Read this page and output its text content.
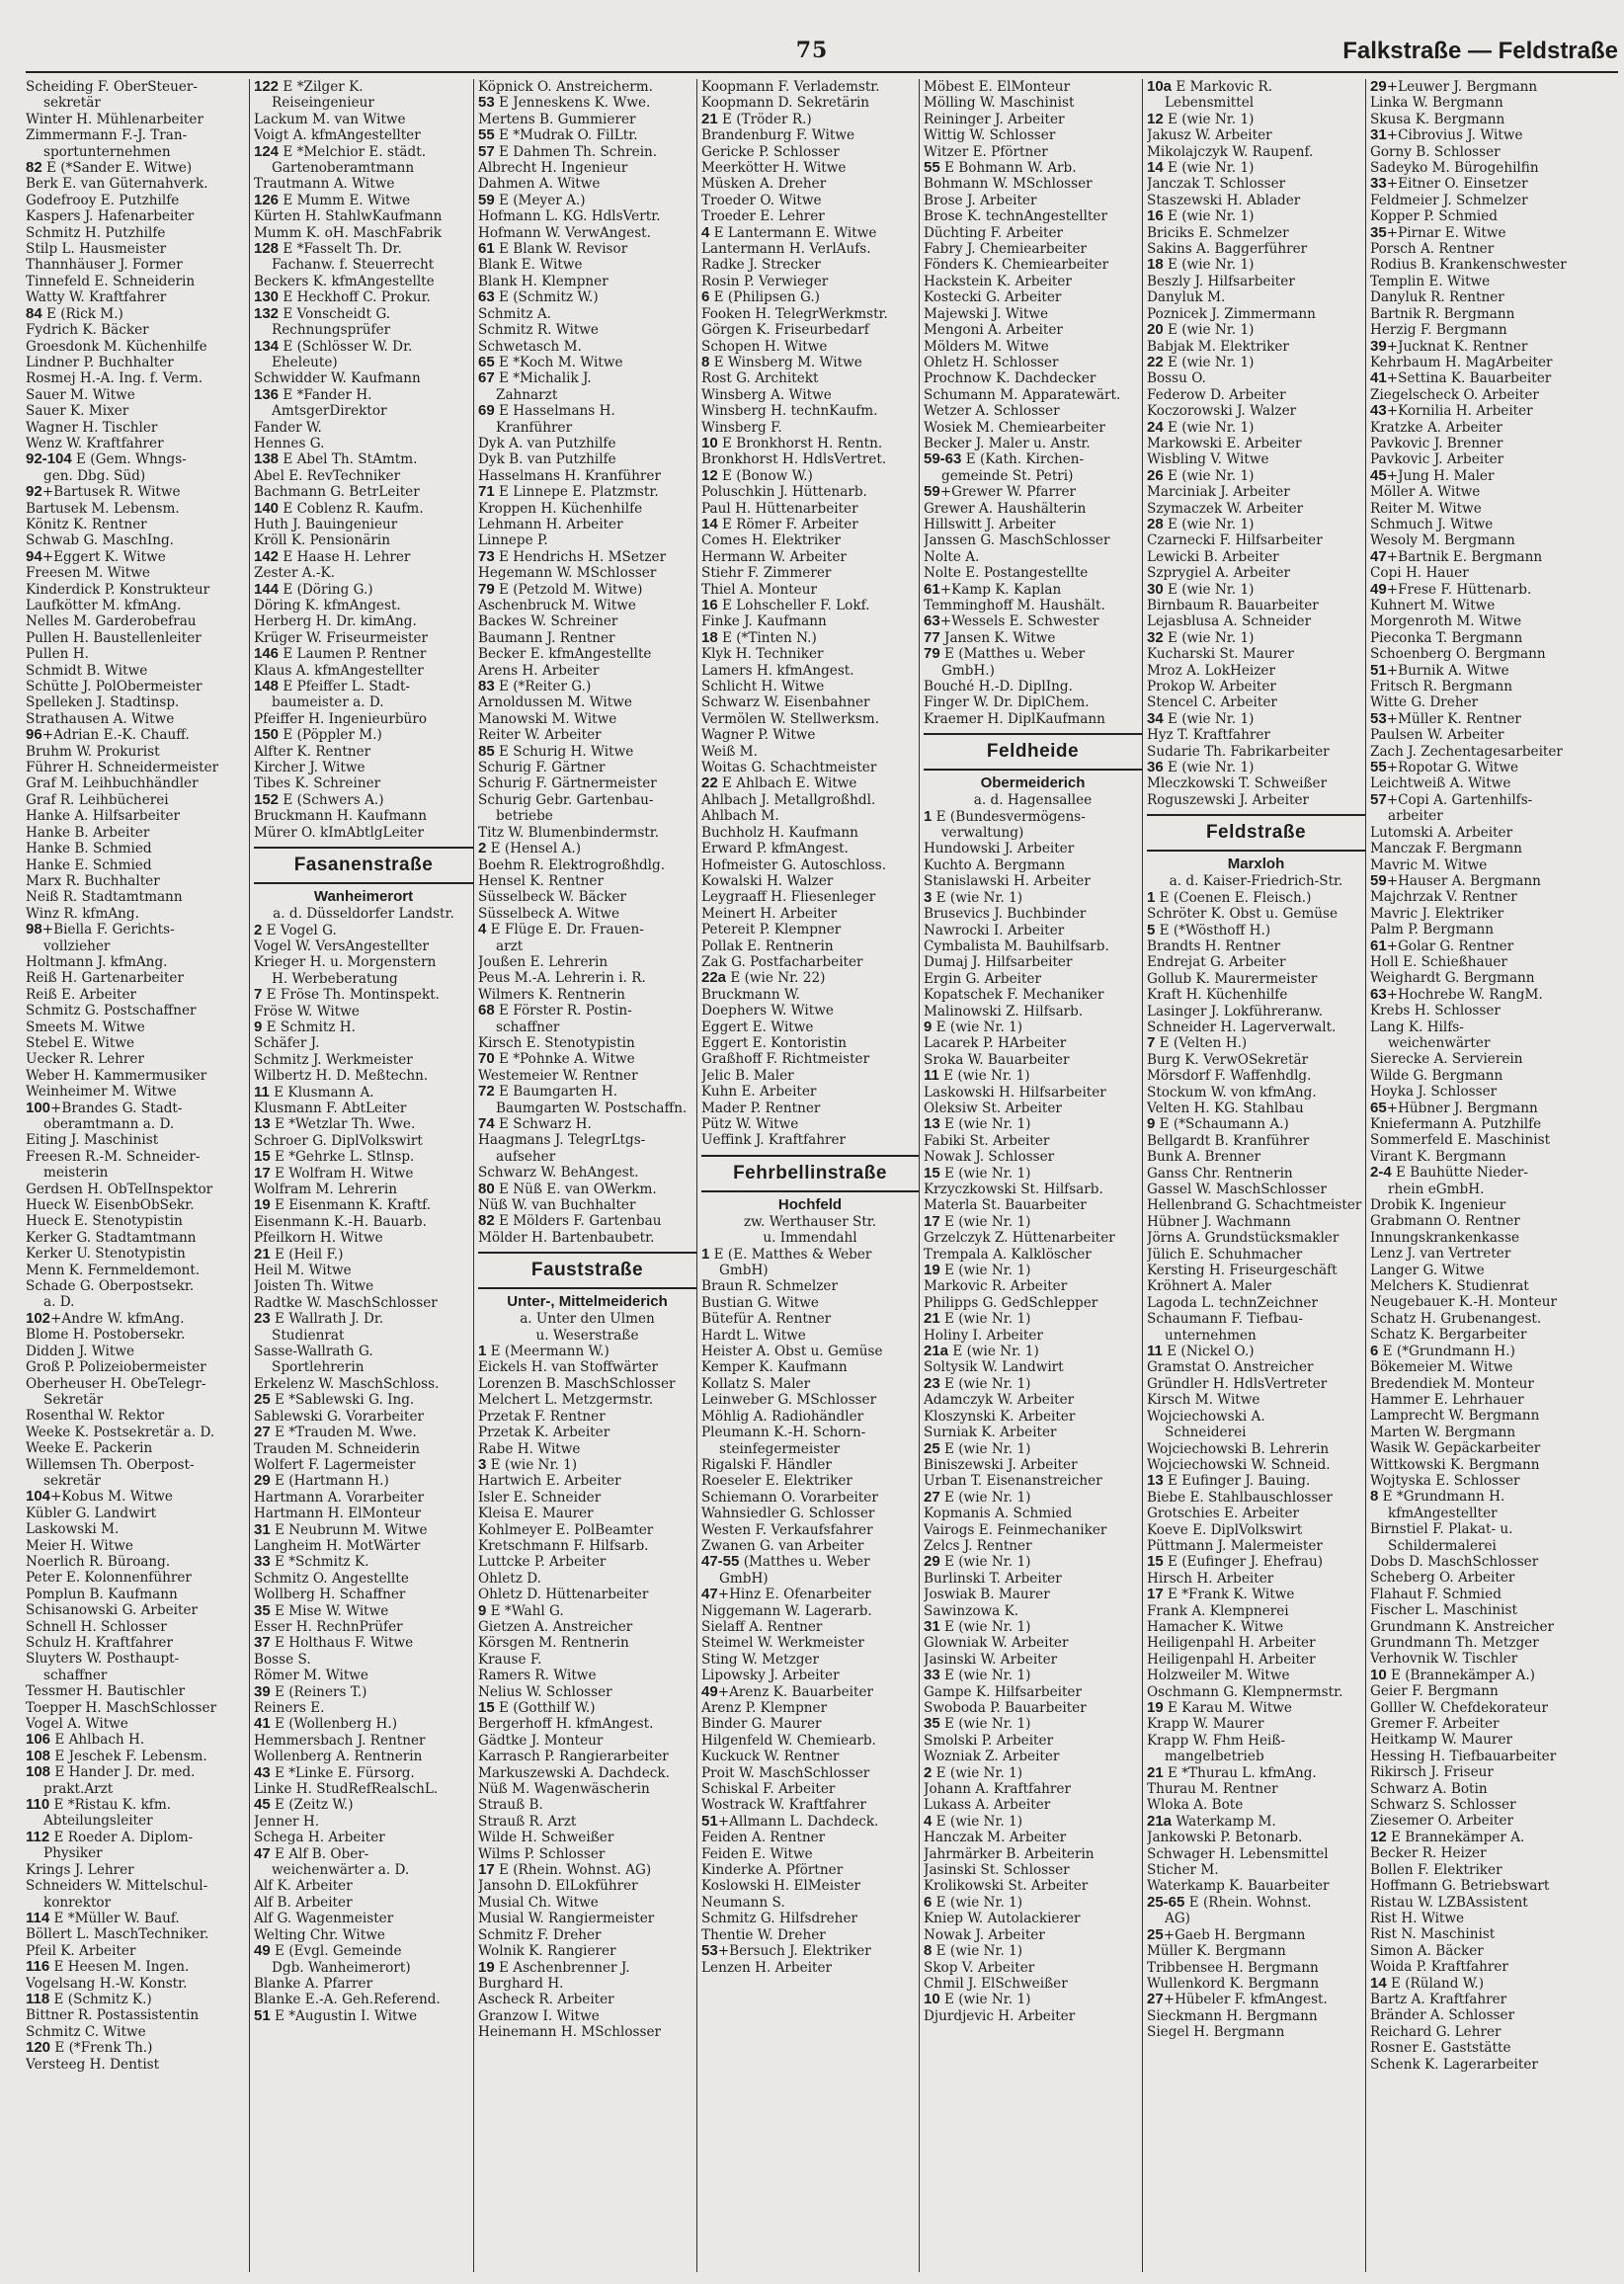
75	Falkstraße — Feldstraße
Scheiding F. OberSteuer-
sekretär
Winter H. Mühlenarbeiter
Zimmermann F.-J. Tran-
sportunternehmen
82 E (*Sander E. Witwe)
Berk E. van Güternahverk.
Godefrooy E. Putzhilfe
Kaspers J. Hafenarbeiter
Schmitz H. Putzhilfe
Stilp L. Hausmeister
Thannhäuser J. Former
Tinnefeld E. Schneiderin
Watty W. Kraftfahrer
84 E (Rick M.)
Fydrich K. Bäcker
Groesdonk M. Küchenhilfe
Lindner P. Buchhalter
Rosmej H.-A. Ing. f. Verm.
Sauer M. Witwe
Sauer K. Mixer
Wagner H. Tischler
Wenz W. Kraftfahrer
92-104 E (Gem. Whngs-
gen. Dbg. Süd)
92+Bartusek R. Witwe
Bartusek M. Lebensm.
Könitz K. Rentner
Schwab G. MaschIng.
94+Eggert K. Witwe
Freesen M. Witwe
Kinderdick P. Konstrukteur
Laufkötter M. kfmAng.
Nelles M. Garderobefrau
Pullen H. Baustellenleiter
Pullen H.
Schmidt B. Witwe
Schütte J. PolObermeister
Spelleken J. Stadtinsp.
Strathausen A. Witwe
96+Adrian E.-K. Chauff.
Bruhm W. Prokurist
Führer H. Schneidermeister
Graf M. Leihbuchhändler
Graf R. Leihbücherei
Hanke A. Hilfsarbeiter
Hanke B. Arbeiter
Hanke B. Schmied
Hanke E. Schmied
Marx R. Buchhalter
Neiß R. Stadtamtmann
Winz R. kfmAng.
98+Biella F. Gerichts-
vollzieher
Holtmann J. kfmAng.
Reiß H. Gartenarbeiter
Reiß E. Arbeiter
Schmitz G. Postschaffner
Smeets M. Witwe
Stebel E. Witwe
Uecker R. Lehrer
Weber H. Kammermusiker
Weinheimer M. Witwe
100+Brandes G. Stadt-
oberamtmann a. D.
Eiting J. Maschinist
Freesen R.-M. Schneider-
meisterin
Gerdsen H. ObTelInspektor
Hueck W. EisenbObSekr.
Hueck E. Stenotypistin
Kerker G. Stadtamtmann
Kerker U. Stenotypistin
Menn K. Fernmeldemont.
Schade G. Oberpostsekr.
a. D.
102+Andre W. kfmAng.
Blome H. Postobersekr.
Didden J. Witwe
Groß P. Polizeiobermeister
Oberheuser H. ObeTelegr-
Sekretär
Rosenthal W. Rektor
Weeke K. Postsekretär a. D.
Weeke E. Packerin
Willemsen Th. Oberpost-
sekretär
104+Kobus M. Witwe
Kübler G. Landwirt
Laskowski M.
Meier H. Witwe
Noerlich R. Büroang.
Peter E. Kolonnenführer
Pomplun B. Kaufmann
Schisanowski G. Arbeiter
Schnell H. Schlosser
Schulz H. Kraftfahrer
Sluyters W. Posthaupt-
schaffner
Tessmer H. Bautischler
Toepper H. MaschSchlosser
Vogel A. Witwe
106 E Ahlbach H.
108 E Jeschek F. Lebensm.
108 E Hander J. Dr. med.
prakt.Arzt
110 E *Ristau K. kfm.
Abteilungsleiter
112 E Roeder A. Diplom-
Physiker
Krings J. Lehrer
Schneiders W. Mittelschul-
konrektor
114 E *Müller W. Bauf.
Böllert L. MaschTechniker.
Pfeil K. Arbeiter
116 E Heesen M. Ingen.
Vogelsang H.-W. Konstr.
118 E (Schmitz K.)
Bittner R. Postassistentin
Schmitz C. Witwe
120 E (*Frenk Th.)
Versteeg H. Dentist
122 E *Zilger K.
Reiseingenieur
Lackum M. van Witwe
Voigt A. kfmAngestellter
124 E *Melchior E. städt.
Gartenoberamtmann
Trautmann A. Witwe
126 E Mumm E. Witwe
Kürten H. StahlwKaufmann
Mumm K. oH. MaschFabrik
128 E *Fasselt Th. Dr.
Fachanw. f. Steuerrecht
Beckers K. kfmAngestellte
130 E Heckhoff C. Prokur.
132 E Vonscheidt G.
Rechnungsprüfer
134 E (Schlösser W. Dr.
Eheleute)
Schwidder W. Kaufmann
136 E *Fander H.
AmtsgerDirektor
Fander W.
Hennes G.
138 E Abel Th. StAmtm.
Abel E. RevTechniker
Bachmann G. BetrLeiter
140 E Coblenz R. Kaufm.
Huth J. Bauingenieur
Kröll K. Pensionärin
142 E Haase H. Lehrer
Zester A.-K.
144 E (Döring G.)
Döring K. kfmAngest.
Herberg H. Dr. kimAng.
Krüger W. Friseurmeister
146 E Laumen P. Rentner
Klaus A. kfmAngestellter
148 E Pfeiffer L. Stadt-
baumeister a. D.
Pfeiffer H. Ingenieurbüro
150 E (Pöppler M.)
Alfter K. Rentner
Kircher J. Witwe
Tibes K. Schreiner
152 E (Schwers A.)
Bruckmann H. Kaufmann
Mürer O. kImAbtlgLeiter
Fasanenstraße
Wanheimerort
a. d. Düsseldorfer Landstr.
2 E Vogel G.
Vogel W. VersAngestellter
Krieger H. u. Morgenstern
H. Werbeberatung
7 E Fröse Th. Montinspekt.
Fröse W. Witwe
9 E Schmitz H.
Schäfer J.
Schmitz J. Werkmeister
Wilbertz H. D. Meßtechn.
11 E Klusmann A.
Klusmann F. AbtLeiter
13 E *Wetzlar Th. Wwe.
Schroer G. DiplVolkswirt
15 E *Gehrke L. Stlnsp.
17 E Wolfram H. Witwe
Wolfram M. Lehrerin
19 E Eisenmann K. Kraftf.
Eisenmann K.-H. Bauarb.
Pfeilkorn H. Witwe
21 E (Heil F.)
Heil M. Witwe
Joisten Th. Witwe
Radtke W. MaschSchlosser
23 E Wallrath J. Dr.
Studienrat
Sasse-Wallrath G.
Sportlehrerin
Erkelenz W. MaschSchloss.
25 E *Sablewski G. Ing.
Sablewski G. Vorarbeiter
27 E *Trauden M. Wwe.
Trauden M. Schneiderin
Wolfert F. Lagermeister
29 E (Hartmann H.)
Hartmann A. Vorarbeiter
Hartmann H. ElMonteur
31 E Neubrunn M. Witwe
Langheim H. MotWärter
33 E *Schmitz K.
Schmitz O. Angestellte
Wollberg H. Schaffner
35 E Mise W. Witwe
Esser H. RechnPrüfer
37 E Holthaus F. Witwe
Bosse S.
Römer M. Witwe
39 E (Reiners T.)
Reiners E.
41 E (Wollenberg H.)
Hemmersbach J. Rentner
Wollenberg A. Rentnerin
43 E *Linke E. Fürsorg.
Linke H. StudRefRealschL.
45 E (Zeitz W.)
Jenner H.
Schega H. Arbeiter
47 E Alf B. Ober-
weichenwärter a. D.
Alf K. Arbeiter
Alf B. Arbeiter
Alf G. Wagenmeister
Welting Chr. Witwe
49 E (Evgl. Gemeinde
Dgb. Wanheimerort)
Blanke A. Pfarrer
Blanke E.-A. Geh.Referend.
51 E *Augustin I. Witwe
Köpnick O. Anstreicherm.
53 E Jenneskens K. Wwe.
Mertens B. Gummierer
55 E *Mudrak O. FilLtr.
57 E Dahmen Th. Schrein.
Albrecht H. Ingenieur
Dahmen A. Witwe
59 E (Meyer A.)
Hofmann L. KG. HdlsVertr.
Hofmann W. VerwAngest.
61 E Blank W. Revisor
Blank E. Witwe
Blank H. Klempner
63 E (Schmitz W.)
Schmitz A.
Schmitz R. Witwe
Schwetasch M.
65 E *Koch M. Witwe
67 E *Michalik J.
Zahnarzt
69 E Hasselmans H.
Kranführer
Dyk A. van Putzhilfe
Dyk B. van Putzhilfe
Hasselmans H. Kranführer
71 E Linnepe E. Platzmstr.
Kroppen H. Küchenhilfe
Lehmann H. Arbeiter
Linnepe P.
73 E Hendrichs H. MSetzer
Hegemann W. MSchlosser
79 E (Petzold M. Witwe)
Aschenbruck M. Witwe
Backes W. Schreiner
Baumann J. Rentner
Becker E. kfmAngestellte
Arens H. Arbeiter
83 E (*Reiter G.)
Arnoldussen M. Witwe
Manowski M. Witwe
Reiter W. Arbeiter
85 E Schurig H. Witwe
Schurig F. Gärtner
Schurig F. Gärtnermeister
Schurig Gebr. Gartenbau-
betriebe
Titz W. Blumenbindermstr.
2 E (Hensel A.)
Boehm R. Elektrogroßhdlg.
Hensel K. Rentner
Süsselbeck W. Bäcker
Süsselbeck A. Witwe
4 E Flüge E. Dr. Frauen-
arzt
Joußen E. Lehrerin
Peus M.-A. Lehrerin i. R.
Wilmers K. Rentnerin
68 E Förster R. Postin-
schaffner
Kirsch E. Stenotypistin
70 E *Pohnke A. Witwe
Westemeier W. Rentner
72 E Baumgarten H.
Baumgarten W. Postschaffn.
74 E Schwarz H.
Haagmans J. TelegrLtgs-
aufseher
Schwarz W. BehAngest.
80 E Nüß E. van OWerkm.
Nüß W. van Buchhalter
82 E Mölders F. Gartenbau
Mölder H. Bartenbaubetr.
Fauststraße
Unter-, Mittelmeiderich
a. Unter den Ulmen
u. Weserstraße
1 E (Meermann W.)
Eickels H. van Stoffwärter
Lorenzen B. MaschSchlosser
Melchert L. Metzgermstr.
Przetak F. Rentner
Przetak K. Arbeiter
Rabe H. Witwe
3 E (wie Nr. 1)
Hartwich E. Arbeiter
Isler E. Schneider
Kleisa E. Maurer
Kohlmeyer E. PolBeamter
Kretschmann F. Hilfsarb.
Luttcke P. Arbeiter
Ohletz D.
Ohletz D. Hüttenarbeiter
9 E *Wahl G.
Gietzen A. Anstreicher
Körsgen M. Rentnerin
Krause F.
Ramers R. Witwe
Nelius W. Schlosser
15 E (Gotthilf W.)
Bergerhoff H. kfmAngest.
Gädtke J. Monteur
Karrasch P. Rangierarbeiter
Markuszewski A. Dachdeck.
Nüß M. Wagenwäscherin
Strauß B.
Strauß R. Arzt
Wilde H. Schweißer
Wilms P. Schlosser
17 E (Rhein. Wohnst. AG)
Jansohn D. ElLokführer
Musial Ch. Witwe
Musial W. Rangiermeister
Schmitz F. Dreher
Wolnik K. Rangierer
19 E Aschenbrenner J.
Burghard H.
Ascheck R. Arbeiter
Granzow I. Witwe
Heinemann H. MSchlosser
Koopmann F. Verlademstr.
Koopmann D. Sekretärin
21 E (Tröder R.)
Brandenburg F. Witwe
Gericke P. Schlosser
Meerkötter H. Witwe
Müsken A. Dreher
Troeder O. Witwe
Troeder E. Lehrer
4 E Lantermann E. Witwe
Lantermann H. VerlAufs.
Radke J. Strecker
Rosin P. Verwieger
6 E (Philipsen G.)
Fooken H. TelegrWerkmstr.
Görgen K. Friseurbedarf
Schopen H. Witwe
8 E Winsberg M. Witwe
Rost G. Architekt
Winsberg A. Witwe
Winsberg H. technKaufm.
Winsberg F.
10 E Bronkhorst H. Rentn.
Bronkhorst H. HdlsVertret.
12 E (Bonow W.)
Poluschkin J. Hüttenarb.
Paul H. Hüttenarbeiter
14 E Römer F. Arbeiter
Comes H. Elektriker
Hermann W. Arbeiter
Stiehr F. Zimmerer
Thiel A. Monteur
16 E Lohscheller F. Lokf.
Finke J. Kaufmann
18 E (*Tinten N.)
Klyk H. Techniker
Lamers H. kfmAngest.
Schlicht H. Witwe
Schwarz W. Eisenbahner
Vermölen W. Stellwerksm.
Wagner P. Witwe
Weiß M.
Woitas G. Schachtmeister
22 E Ahlbach E. Witwe
Ahlbach J. Metallgroßhdl.
Ahlbach M.
Buchholz H. Kaufmann
Erward P. kfmAngest.
Hofmeister G. Autoschloss.
Kowalski H. Walzer
Leygraaff H. Fliesenleger
Meinert H. Arbeiter
Petereit P. Klempner
Pollak E. Rentnerin
Zak G. Postfacharbeiter
22a E (wie Nr. 22)
Bruckmann W.
Doephers W. Witwe
Eggert E. Witwe
Eggert E. Kontoristin
Graßhoff F. Richtmeister
Jelic B. Maler
Kuhn E. Arbeiter
Mader P. Rentner
Pütz W. Witwe
Ueffink J. Kraftfahrer
Fehrbellinstraße
Hochfeld
zw. Werthauser Str.
u. Immendahl
1 E (E. Matthes & Weber
GmbH)
Braun R. Schmelzer
Bustian G. Witwe
Bütefür A. Rentner
Hardt L. Witwe
Heister A. Obst u. Gemüse
Kemper K. Kaufmann
Kollatz S. Maler
Leinweber G. MSchlosser
Möhlig A. Radiohändler
Pleumann K.-H. Schorn-
steinfegermeister
Rigalski F. Händler
Roeseler E. Elektriker
Schiemann O. Vorarbeiter
Wahnsiedler G. Schlosser
Westen F. Verkaufsfahrer
Zwanen G. van Arbeiter
47-55 (Matthes u. Weber
GmbH)
47+Hinz E. Ofenarbeiter
Niggemann W. Lagerarb.
Sielaff A. Rentner
Steimel W. Werkmeister
Sting W. Metzger
Lipowsky J. Arbeiter
49+Arenz K. Bauarbeiter
Arenz P. Klempner
Binder G. Maurer
Hilgenfeld W. Chemiearb.
Kuckuck W. Rentner
Proit W. MaschSchlosser
Schiskal F. Arbeiter
Wostrack W. Kraftfahrer
51+Allmann L. Dachdeck.
Feiden A. Rentner
Feiden E. Witwe
Kinderke A. Pförtner
Koslowski H. ElMeister
Neumann S.
Schmitz G. Hilfsdreher
Thentie W. Dreher
53+Bersuch J. Elektriker
Lenzen H. Arbeiter
Möbest E. ElMonteur
Mölling W. Maschinist
Reininger J. Arbeiter
Wittig W. Schlosser
Witzer E. Pförtner
55 E Bohmann W. Arb.
Bohmann W. MSchlosser
Brose J. Arbeiter
Brose K. technAngestellter
Düchting F. Arbeiter
Fabry J. Chemiearbeiter
Fönders K. Chemiearbeiter
Hackstein K. Arbeiter
Kostecki G. Arbeiter
Majewski J. Witwe
Mengoni A. Arbeiter
Mölders M. Witwe
Ohletz H. Schlosser
Prochnow K. Dachdecker
Schumann M. Apparatewärt.
Wetzer A. Schlosser
Wosiek M. Chemiearbeiter
Becker J. Maler u. Anstr.
59-63 E (Kath. Kirchen-
gemeinde St. Petri)
59+Grewer W. Pfarrer
Grewer A. Haushälterin
Hillswitt J. Arbeiter
Janssen G. MaschSchlosser
Nolte A.
Nolte E. Postangestellte
61+Kamp K. Kaplan
Temminghoff M. Haushält.
63+Wessels E. Schwester
77 Jansen K. Witwe
79 E (Matthes u. Weber
GmbH.)
Bouché H.-D. DiplIng.
Finger W. Dr. DiplChem.
Kraemer H. DiplKaufmann
Feldheide
Obermeiderich
a. d. Hagensallee
1 E (Bundesvermögens-
verwaltung)
Hundowski J. Arbeiter
Kuchto A. Bergmann
Stanislawski H. Arbeiter
3 E (wie Nr. 1)
Brusevics J. Buchbinder
Nawrocki I. Arbeiter
Cymbalista M. Bauhilfsarb.
Dumaj J. Hilfsarbeiter
Ergin G. Arbeiter
Kopatschek F. Mechaniker
Malinowski Z. Hilfsarb.
9 E (wie Nr. 1)
Lacarek P. HArbeiter
Sroka W. Bauarbeiter
11 E (wie Nr. 1)
Laskowski H. Hilfsarbeiter
Oleksiw St. Arbeiter
13 E (wie Nr. 1)
Fabiki St. Arbeiter
Nowak J. Schlosser
15 E (wie Nr. 1)
Krzyczkowski St. Hilfsarb.
Materla St. Bauarbeiter
17 E (wie Nr. 1)
Grzelczyk Z. Hüttenarbeiter
Trempala A. Kalklöscher
19 E (wie Nr. 1)
Markovic R. Arbeiter
Philipps G. GedSchlepper
21 E (wie Nr. 1)
Holiny I. Arbeiter
21a E (wie Nr. 1)
Soltysik W. Landwirt
23 E (wie Nr. 1)
Adamczyk W. Arbeiter
Kloszynski K. Arbeiter
Surniak K. Arbeiter
25 E (wie Nr. 1)
Biniszewski J. Arbeiter
Urban T. Eisenanstreicher
27 E (wie Nr. 1)
Kopmanis A. Schmied
Vairogs E. Feinmechaniker
Zelcs J. Rentner
29 E (wie Nr. 1)
Burlinski T. Arbeiter
Joswiak B. Maurer
Sawinzowa K.
31 E (wie Nr. 1)
Glowniak W. Arbeiter
Jasinski W. Arbeiter
33 E (wie Nr. 1)
Gampe K. Hilfsarbeiter
Swoboda P. Bauarbeiter
35 E (wie Nr. 1)
Smolski P. Arbeiter
Wozniak Z. Arbeiter
2 E (wie Nr. 1)
Johann A. Kraftfahrer
Lukass A. Arbeiter
4 E (wie Nr. 1)
Hanczak M. Arbeiter
Jahrmärker B. Arbeiterin
Jasinski St. Schlosser
Krolikowski St. Arbeiter
6 E (wie Nr. 1)
Kniep W. Autolackierer
Nowak J. Arbeiter
8 E (wie Nr. 1)
Skop V. Arbeiter
Chmil J. ElSchweißer
10 E (wie Nr. 1)
Djurdjevic H. Arbeiter
10a E Markovic R.
Lebensmittel
12 E (wie Nr. 1)
Jakusz W. Arbeiter
Mikolajczyk W. Raupenf.
14 E (wie Nr. 1)
Janczak T. Schlosser
Staszewski H. Ablader
16 E (wie Nr. 1)
Briciks E. Schmelzer
Sakins A. Baggerführer
18 E (wie Nr. 1)
Beszly J. Hilfsarbeiter
Danyluk M.
Poznicek J. Zimmermann
20 E (wie Nr. 1)
Babjak M. Elektriker
22 E (wie Nr. 1)
Bossu O.
Federow D. Arbeiter
Koczorowski J. Walzer
24 E (wie Nr. 1)
Markowski E. Arbeiter
Wisbling V. Witwe
26 E (wie Nr. 1)
Marciniak J. Arbeiter
Szymaczek W. Arbeiter
28 E (wie Nr. 1)
Czarnecki F. Hilfsarbeiter
Lewicki B. Arbeiter
Szprygiel A. Arbeiter
30 E (wie Nr. 1)
Birnbaum R. Bauarbeiter
Lejasblusa A. Schneider
32 E (wie Nr. 1)
Kucharski St. Maurer
Mroz A. LokHeizer
Prokop W. Arbeiter
Stencel C. Arbeiter
34 E (wie Nr. 1)
Hyz T. Kraftfahrer
Sudarie Th. Fabrikarbeiter
36 E (wie Nr. 1)
Mleczkowski T. Schweißer
Roguszewski J. Arbeiter
Feldstraße
Marxloh
a. d. Kaiser-Friedrich-Str.
1 E (Coenen E. Fleisch.)
Schröter K. Obst u. Gemüse
5 E (*Wösthoff H.)
Brandts H. Rentner
Endrejat G. Arbeiter
Gollub K. Maurermeister
Kraft H. Küchenhilfe
Lasinger J. Lokführeranw.
Schneider H. Lagerverwalt.
7 E (Velten H.)
Burg K. VerwOSekretär
Mörsdorf F. Waffenhdlg.
Stockum W. von kfmAng.
Velten H. KG. Stahlbau
9 E (*Schaumann A.)
Bellgardt B. Kranführer
Bunk A. Brenner
Ganss Chr. Rentnerin
Gassel W. MaschSchlosser
Hellenbrand G. Schachtmeister
Hübner J. Wachmann
Jörns A. Grundstücksmakler
Jülich E. Schuhmacher
Kersting H. Friseurgeschäft
Kröhnert A. Maler
Lagoda L. technZeichner
Schaumann F. Tiefbau-
unternehmen
11 E (Nickel O.)
Gramstat O. Anstreicher
Gründler H. HdlsVertreter
Kirsch M. Witwe
Wojciechowski A.
Schneiderei
Wojciechowski B. Lehrerin
Wojciechowski W. Schneid.
13 E Eufinger J. Bauing.
Biebe E. Stahlbauschlosser
Grotschies E. Arbeiter
Koeve E. DiplVolkswirt
Püttmann J. Malermeister
15 E (Eufinger J. Ehefrau)
Hirsch H. Arbeiter
17 E *Frank K. Witwe
Frank A. Klempnerei
Hamacher K. Witwe
Heiligenpahl H. Arbeiter
Heiligenpahl H. Arbeiter
Holzweiler M. Witwe
Oschmann G. Klempnermstr.
19 E Karau M. Witwe
Krapp W. Maurer
Krapp W. Fhm Heiß-
mangelbetrieb
21 E *Thurau L. kfmAng.
Thurau M. Rentner
Wloka A. Bote
21a Waterkamp M.
Jankowski P. Betonarb.
Schwager H. Lebensmittel
Sticher M.
Waterkamp K. Bauarbeiter
25-65 E (Rhein. Wohnst.
AG)
25+Gaeb H. Bergmann
Müller K. Bergmann
Tribbensee H. Bergmann
Wullenkord K. Bergmann
27+Hübeler F. kfmAngest.
Sieckmann H. Bergmann
Siegel H. Bergmann
29+Leuwer J. Bergmann
Linka W. Bergmann
Skusa K. Bergmann
31+Cibrovius J. Witwe
Gorny B. Schlosser
Sadeyko M. Bürogehilfin
33+Eitner O. Einsetzer
Feldmeier J. Schmelzer
Kopper P. Schmied
35+Pirnar E. Witwe
Porsch A. Rentner
Rodius B. Krankenschwester
Templin E. Witwe
Danyluk R. Rentner
Bartnik R. Bergmann
Herzig F. Bergmann
39+Jucknat K. Rentner
Kehrbaum H. MagArbeiter
41+Settina K. Bauarbeiter
Ziegelscheck O. Arbeiter
43+Kornilia H. Arbeiter
Kratzke A. Arbeiter
Pavkovic J. Brenner
Pavkovic J. Arbeiter
45+Jung H. Maler
Möller A. Witwe
Reiter M. Witwe
Schmuch J. Witwe
Wesoly M. Bergmann
47+Bartnik E. Bergmann
Copi H. Hauer
49+Frese F. Hüttenarb.
Kuhnert M. Witwe
Morgenroth M. Witwe
Pieconka T. Bergmann
Schoenberg O. Bergmann
51+Burnik A. Witwe
Fritsch R. Bergmann
Witte G. Dreher
53+Müller K. Rentner
Paulsen W. Arbeiter
Zach J. Zechentagesarbeiter
55+Ropotar G. Witwe
Leichtweiß A. Witwe
57+Copi A. Gartenhilfs-
arbeiter
Lutomski A. Arbeiter
Manczak F. Bergmann
Mavric M. Witwe
59+Hauser A. Bergmann
Majchrzak V. Rentner
Mavric J. Elektriker
Palm P. Bergmann
61+Golar G. Rentner
Holl E. Schießhauer
Weighardt G. Bergmann
63+Hochrebe W. RangM.
Krebs H. Schlosser
Lang K. Hilfs-
weichenwärter
Sierecke A. Servierein
Wilde G. Bergmann
Hoyka J. Schlosser
65+Hübner J. Bergmann
Kniefermann A. Putzhilfe
Sommerfeld E. Maschinist
Virant K. Bergmann
2-4 E Bauhütte Nieder-
rhein eGmbH.
Drobik K. Ingenieur
Grabmann O. Rentner
Innungskrankenkasse
Lenz J. van Vertreter
Langer G. Witwe
Melchers K. Studienrat
Neugebauer K.-H. Monteur
Schatz H. Grubenangest.
Schatz K. Bergarbeiter
6 E (*Grundmann H.)
Bökemeier M. Witwe
Bredendiek M. Monteur
Hammer E. Lehrhauer
Lamprecht W. Bergmann
Marten W. Bergmann
Wasik W. Gepäckarbeiter
Wittkowski K. Bergmann
Wojtyska E. Schlosser
8 E *Grundmann H.
kfmAngestellter
Birnstiel F. Plakat- u.
Schildermalerei
Dobs D. MaschSchlosser
Scheberg O. Arbeiter
Flahaut F. Schmied
Fischer L. Maschinist
Grundmann K. Anstreicher
Grundmann Th. Metzger
Verhovnik W. Tischler
10 E (Brannekämper A.)
Geier F. Bergmann
Golller W. Chefdekorateur
Gremer F. Arbeiter
Heitkamp W. Maurer
Hessing H. Tiefbauarbeiter
Rikirsch J. Friseur
Schwarz A. Botin
Schwarz S. Schlosser
Ziesemer O. Arbeiter
12 E Brannekämper A.
Becker R. Heizer
Bollen F. Elektriker
Hoffmann G. Betriebswart
Ristau W. LZBAssistent
Rist H. Witwe
Rist N. Maschinist
Simon A. Bäcker
Woida P. Kraftfahrer
14 E (Rüland W.)
Bartz A. Kraftfahrer
Bränder A. Schlosser
Reichard G. Lehrer
Rosner E. Gaststätte
Schenk K. Lagerarbeiter
